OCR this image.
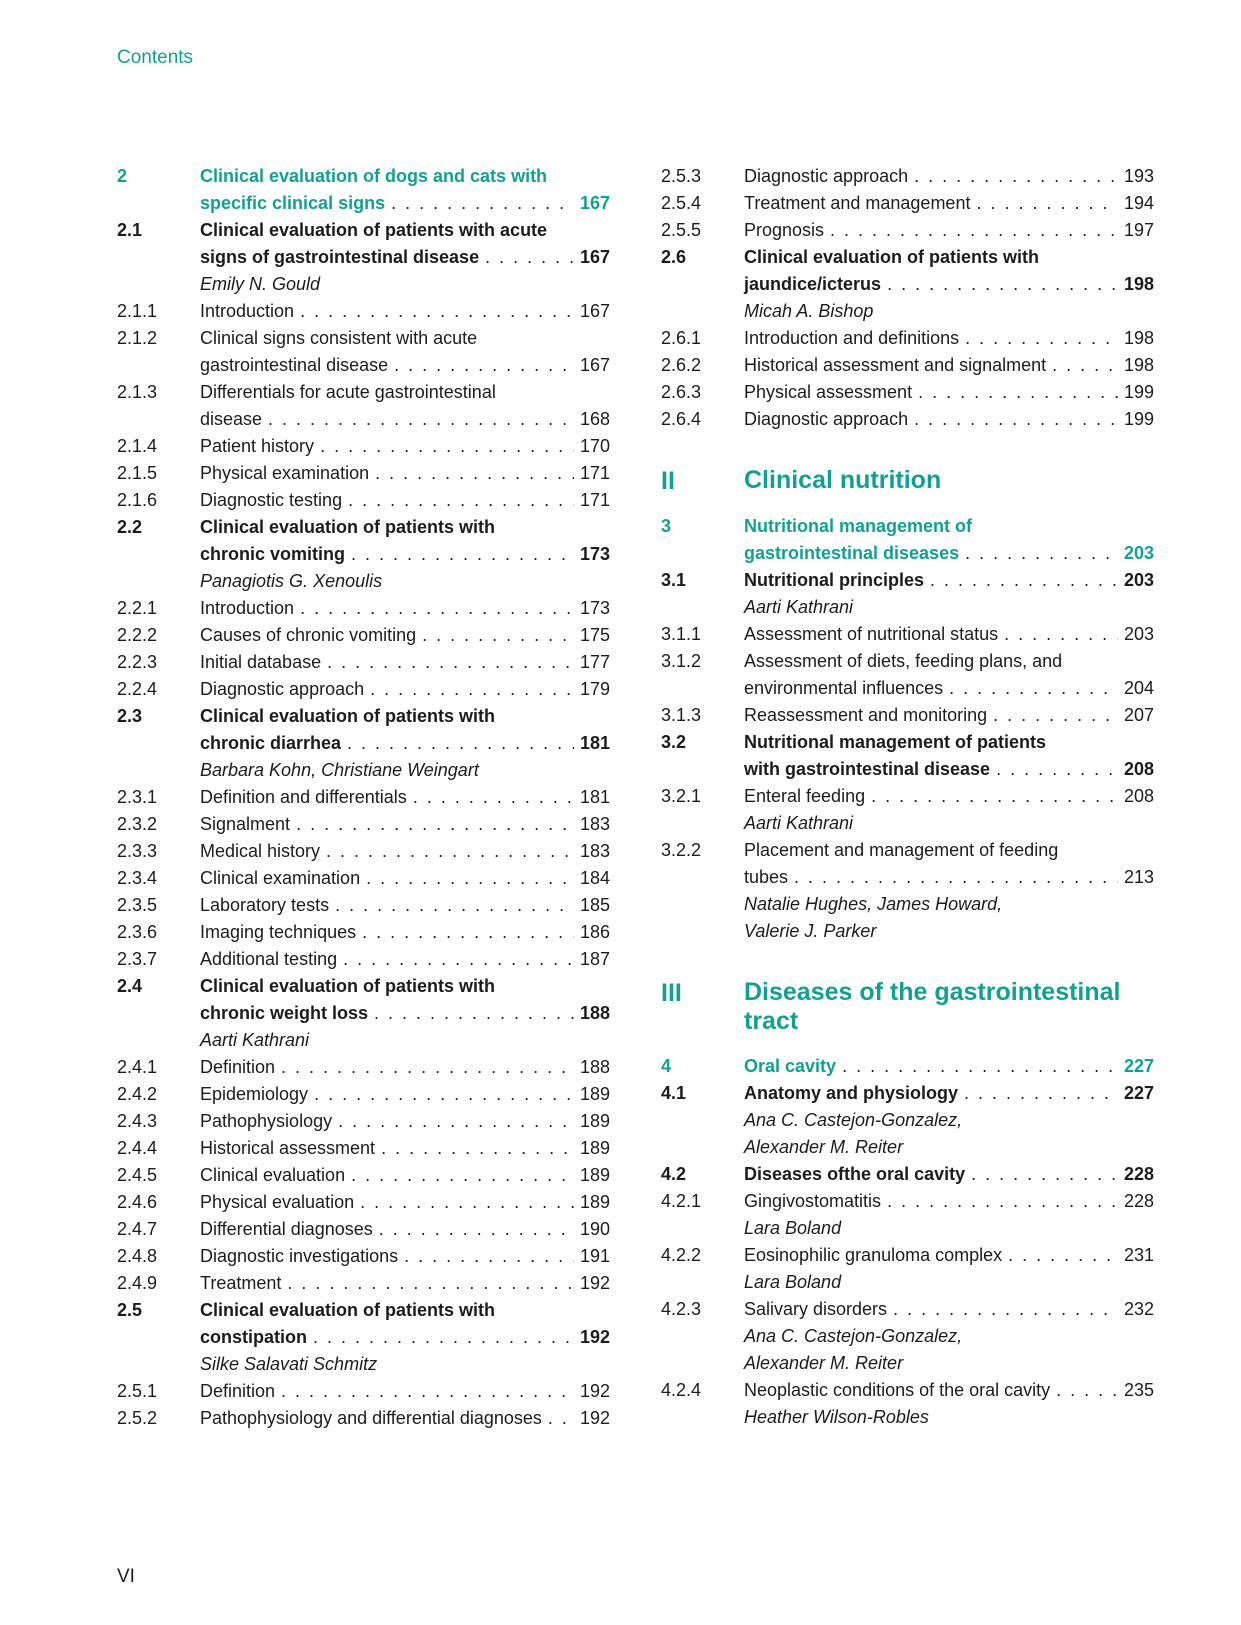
Contents
2	Clinical evaluation of dogs and cats with
specific clinical signs . . .	167
2.1	Clinical evaluation of patients with acute
signs of gastrointestinal disease . . .	167
Emily N. Gould
2.1.1	Introduction . . .	167
2.1.2	Clinical signs consistent with acute
gastrointestinal disease . . .	167
2.1.3	Differentials for acute gastrointestinal
disease . . .	168
2.1.4	Patient history . . .	170
2.1.5	Physical examination . . .	171
2.1.6	Diagnostic testing . . .	171
2.2	Clinical evaluation of patients with
chronic vomiting . . .	173
Panagiotis G. Xenoulis
2.2.1	Introduction . . .	173
2.2.2	Causes of chronic vomiting . . .	175
2.2.3	Initial database . . .	177
2.2.4	Diagnostic approach . . .	179
2.3	Clinical evaluation of patients with
chronic diarrhea . . .	181
Barbara Kohn, Christiane Weingart
2.3.1	Definition and differentials . . .	181
2.3.2	Signalment . . .	183
2.3.3	Medical history . . .	183
2.3.4	Clinical examination . . .	184
2.3.5	Laboratory tests . . .	185
2.3.6	Imaging techniques . . .	186
2.3.7	Additional testing . . .	187
2.4	Clinical evaluation of patients with
chronic weight loss . . .	188
Aarti Kathrani
2.4.1	Definition . . .	188
2.4.2	Epidemiology . . .	189
2.4.3	Pathophysiology . . .	189
2.4.4	Historical assessment . . .	189
2.4.5	Clinical evaluation . . .	189
2.4.6	Physical evaluation . . .	189
2.4.7	Differential diagnoses . . .	190
2.4.8	Diagnostic investigations . . .	191
2.4.9	Treatment . . .	192
2.5	Clinical evaluation of patients with
constipation . . .	192
Silke Salavati Schmitz
2.5.1	Definition . . .	192
2.5.2	Pathophysiology and differential diagnoses . . . 192
2.5.3	Diagnostic approach . . .	193
2.5.4	Treatment and management . . .	194
2.5.5	Prognosis . . .	197
2.6	Clinical evaluation of patients with
jaundice/icterus . . .	198
Micah A. Bishop
2.6.1	Introduction and definitions . . .	198
2.6.2	Historical assessment and signalment . . .	198
2.6.3	Physical assessment . . .	199
2.6.4	Diagnostic approach . . .	199
II	Clinical nutrition
3	Nutritional management of
gastrointestinal diseases . . .	203
3.1	Nutritional principles . . .	203
Aarti Kathrani
3.1.1	Assessment of nutritional status . . .	203
3.1.2	Assessment of diets, feeding plans, and
environmental influences . . .	204
3.1.3	Reassessment and monitoring . . .	207
3.2	Nutritional management of patients
with gastrointestinal disease . . .	208
3.2.1	Enteral feeding . . .	208
Aarti Kathrani
3.2.2	Placement and management of feeding
tubes . . .	213
Natalie Hughes, James Howard,
Valerie J. Parker
III	Diseases of the gastrointestinal
tract
4	Oral cavity . . .	227
4.1	Anatomy and physiology . . .	227
Ana C. Castejon-Gonzalez,
Alexander M. Reiter
4.2	Diseases ofthe oral cavity . . .	228
4.2.1	Gingivostomatitis . . .	228
Lara Boland
4.2.2	Eosinophilic granuloma complex . . .	231
Lara Boland
4.2.3	Salivary disorders . . .	232
Ana C. Castejon-Gonzalez,
Alexander M. Reiter
4.2.4	Neoplastic conditions of the oral cavity . . .	235
Heather Wilson-Robles
VI
